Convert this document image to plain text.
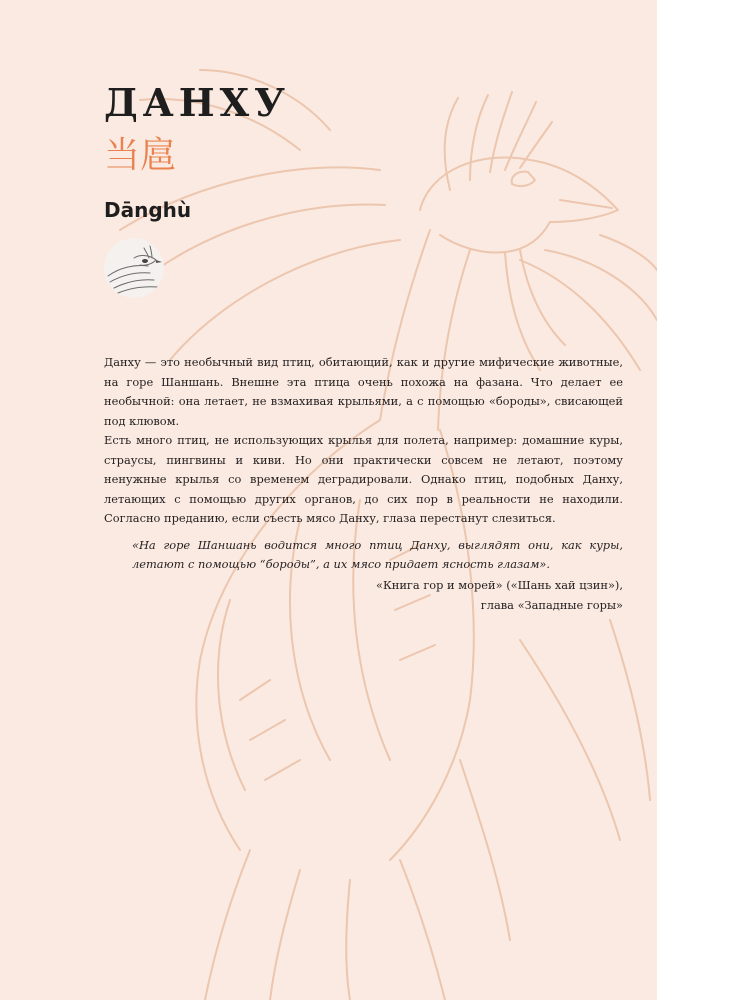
ДАНХУ
当扈
Dānghù

Данху — это необычный вид птиц, обитающий, как и другие мифические животные, на горе Шаншань. Внешне эта птица очень похожа на фазана. Что делает ее необычной: она летает, не взмахивая крыльями, а с помощью «бороды», свисающей под клювом.

Есть много птиц, не использующих крылья для полета, например: домашние куры, страусы, пингвины и киви. Но они практически совсем не летают, поэтому ненужные крылья со временем деградировали. Однако птиц, подобных Данху, летающих с помощью других органов, до сих пор в реальности не находили. Согласно преданию, если съесть мясо Данху, глаза перестанут слезиться.

«На горе Шаншань водится много птиц Данху, выглядят они, как куры, летают с помощью “бороды”, а их мясо придает ясность глазам».

«Книга гор и морей» («Шань хай цзин»),

глава «Западные горы»
